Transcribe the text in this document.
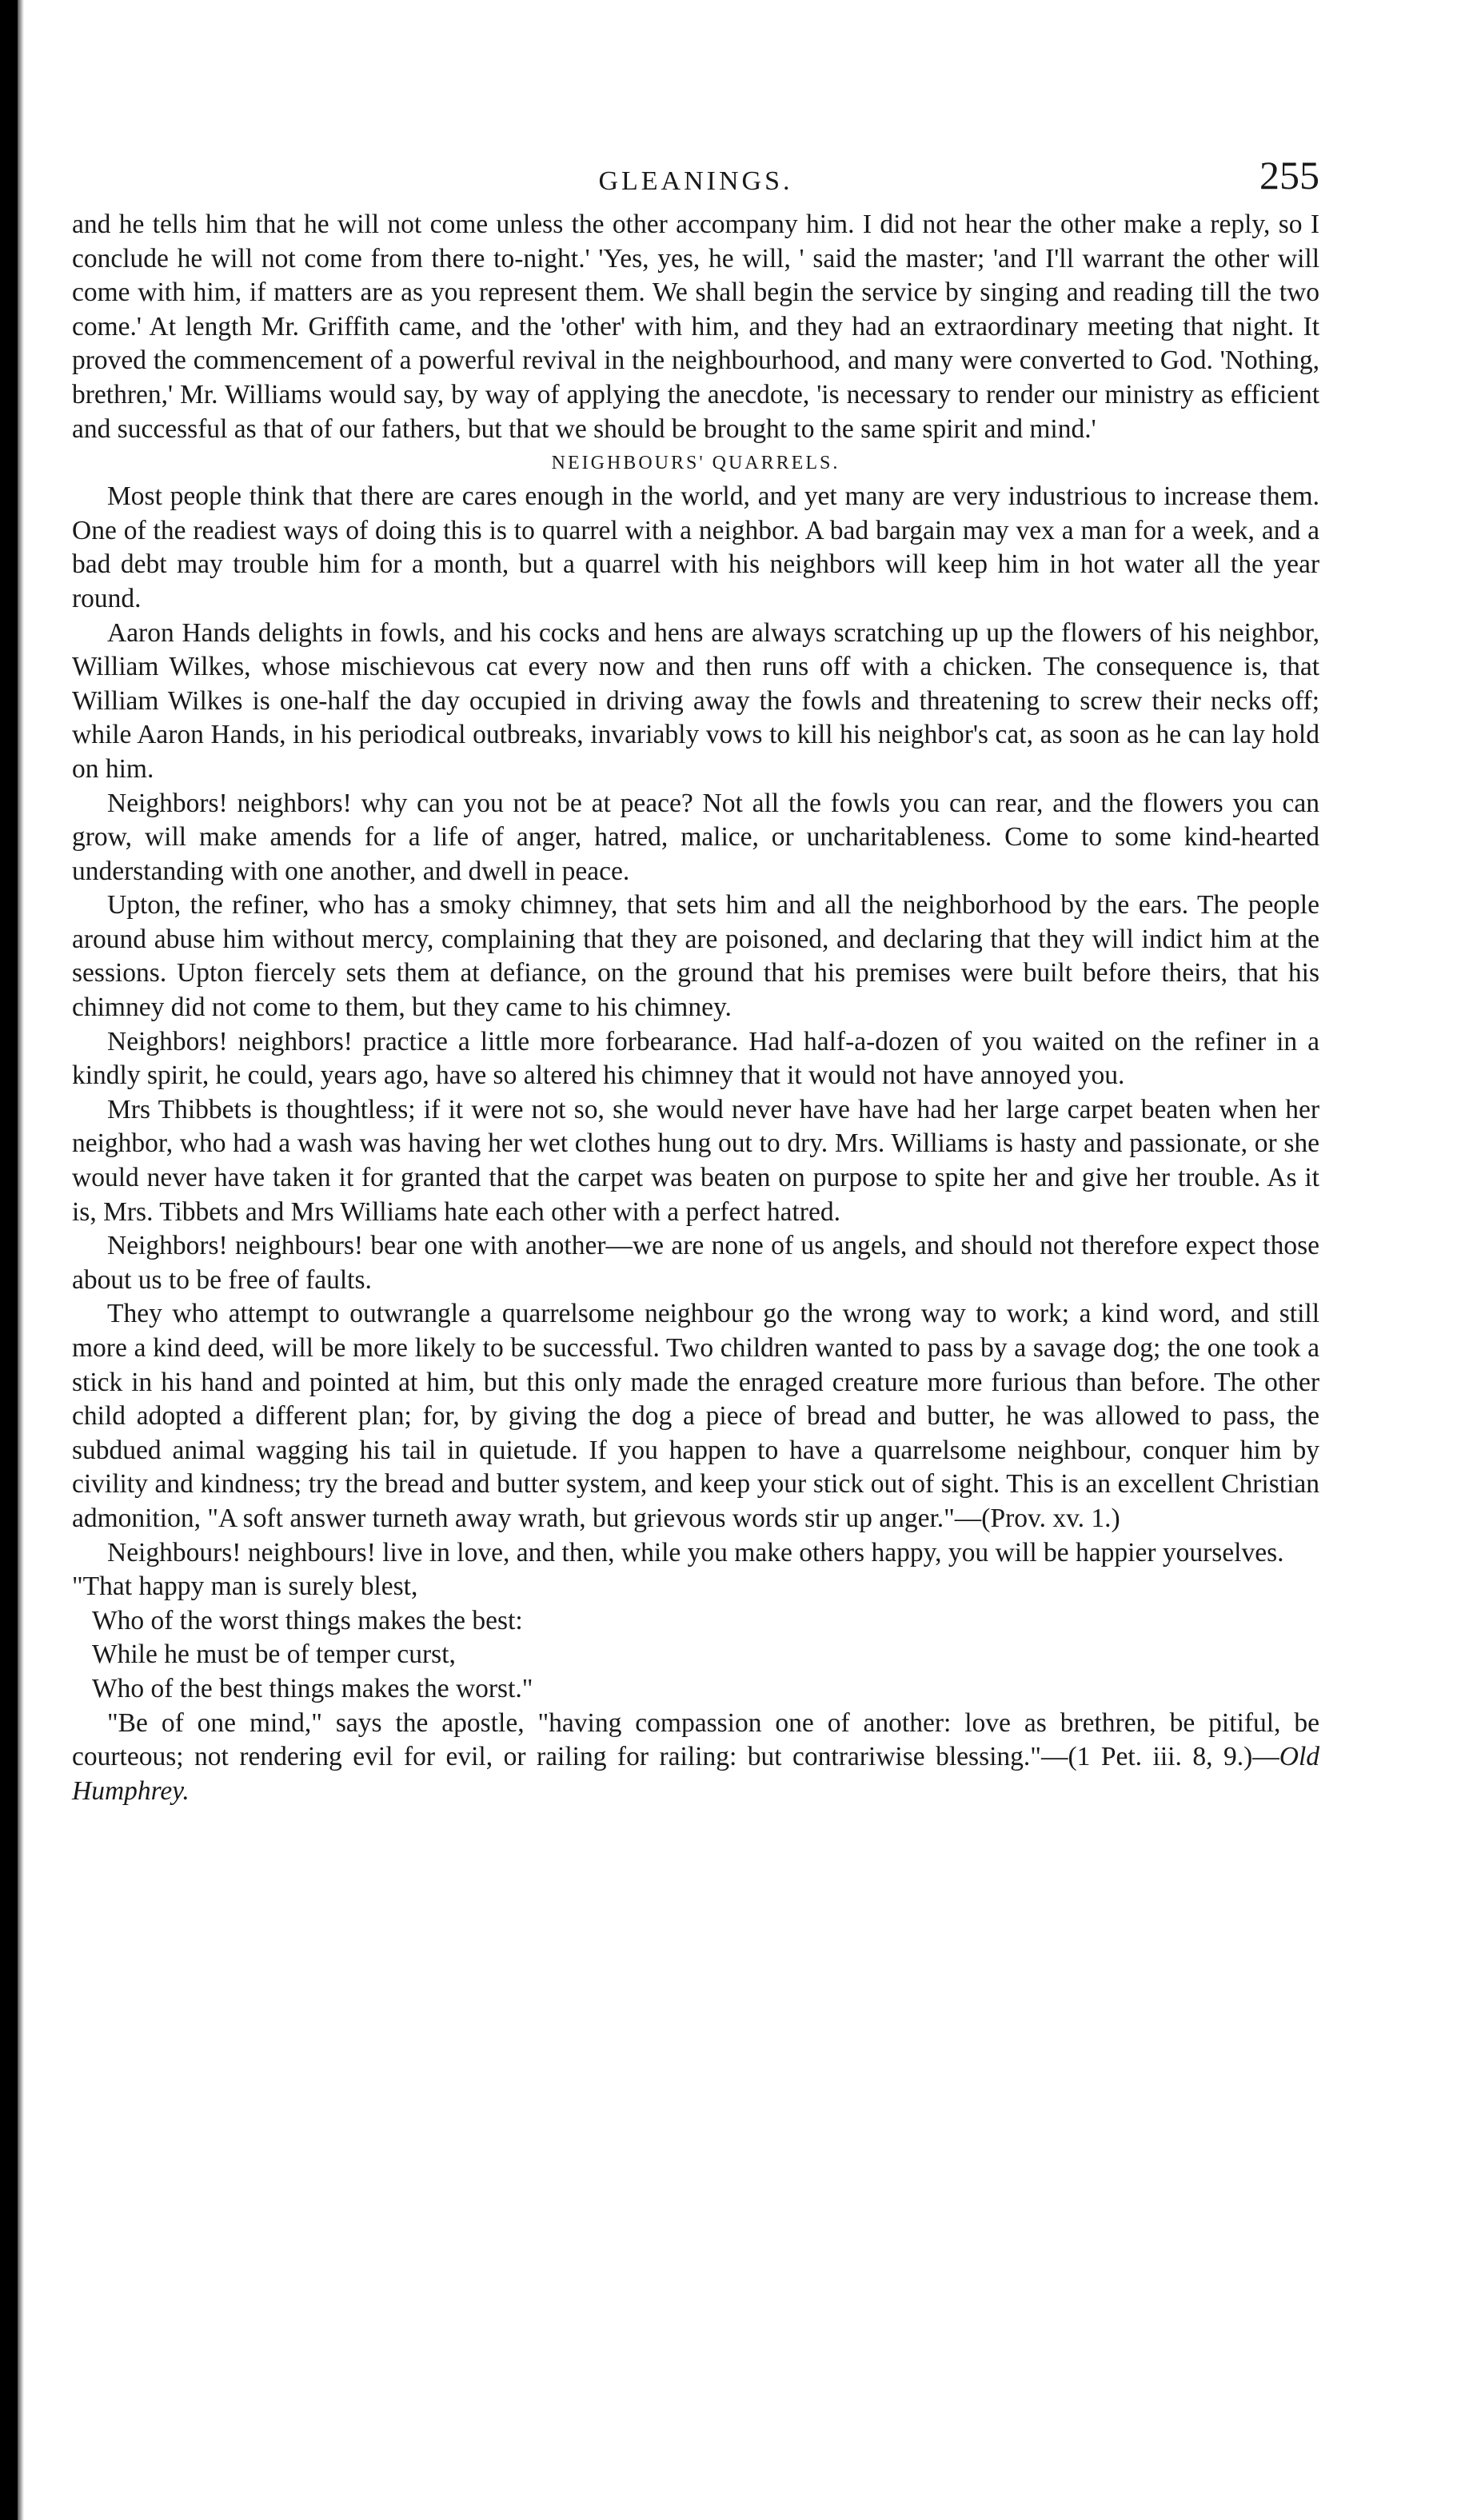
GLEANINGS.	255

and he tells him that he will not come unless the other accompany him. I did not hear the other make a reply, so I conclude he will not come from there to-night.' 'Yes, yes, he will, ' said the master; 'and I'll warrant the other will come with him, if matters are as you represent them. We shall begin the service by singing and reading till the two come.' At length Mr. Griffith came, and the 'other' with him, and they had an extraordinary meeting that night. It proved the commencement of a powerful revival in the neighbourhood, and many were converted to God. 'Nothing, brethren,' Mr. Williams would say, by way of applying the anecdote, 'is necessary to render our ministry as efficient and successful as that of our fathers, but that we should be brought to the same spirit and mind.'

NEIGHBOURS' QUARRELS.

Most people think that there are cares enough in the world, and yet many are very industrious to increase them. One of the readiest ways of doing this is to quarrel with a neighbor. A bad bargain may vex a man for a week, and a bad debt may trouble him for a month, but a quarrel with his neighbors will keep him in hot water all the year round.

Aaron Hands delights in fowls, and his cocks and hens are always scratching up up the flowers of his neighbor, William Wilkes, whose mischievous cat every now and then runs off with a chicken. The consequence is, that William Wilkes is one-half the day occupied in driving away the fowls and threatening to screw their necks off; while Aaron Hands, in his periodical outbreaks, invariably vows to kill his neighbor's cat, as soon as he can lay hold on him.

Neighbors! neighbors! why can you not be at peace? Not all the fowls you can rear, and the flowers you can grow, will make amends for a life of anger, hatred, malice, or uncharitableness. Come to some kind-hearted understanding with one another, and dwell in peace.

Upton, the refiner, who has a smoky chimney, that sets him and all the neighborhood by the ears. The people around abuse him without mercy, complaining that they are poisoned, and declaring that they will indict him at the sessions. Upton fiercely sets them at defiance, on the ground that his premises were built before theirs, that his chimney did not come to them, but they came to his chimney.

Neighbors! neighbors! practice a little more forbearance. Had half-a-dozen of you waited on the refiner in a kindly spirit, he could, years ago, have so altered his chimney that it would not have annoyed you.

Mrs Thibbets is thoughtless; if it were not so, she would never have have had her large carpet beaten when her neighbor, who had a wash was having her wet clothes hung out to dry. Mrs. Williams is hasty and passionate, or she would never have taken it for granted that the carpet was beaten on purpose to spite her and give her trouble. As it is, Mrs. Tibbets and Mrs Williams hate each other with a perfect hatred.

Neighbors! neighbours! bear one with another—we are none of us angels, and should not therefore expect those about us to be free of faults.

They who attempt to outwrangle a quarrelsome neighbour go the wrong way to work; a kind word, and still more a kind deed, will be more likely to be successful. Two children wanted to pass by a savage dog; the one took a stick in his hand and pointed at him, but this only made the enraged creature more furious than before. The other child adopted a different plan; for, by giving the dog a piece of bread and butter, he was allowed to pass, the subdued animal wagging his tail in quietude. If you happen to have a quarrelsome neighbour, conquer him by civility and kindness; try the bread and butter system, and keep your stick out of sight. This is an excellent Christian admonition, "A soft answer turneth away wrath, but grievous words stir up anger."—(Prov. xv. 1.)

Neighbours! neighbours! live in love, and then, while you make others happy, you will be happier yourselves.

"That happy man is surely blest,
Who of the worst things makes the best:
While he must be of temper curst,
Who of the best things makes the worst."

"Be of one mind," says the apostle, "having compassion one of another: love as brethren, be pitiful, be courteous; not rendering evil for evil, or railing for railing: but contrariwise blessing."—(1 Pet. iii. 8, 9.)—Old Humphrey.
